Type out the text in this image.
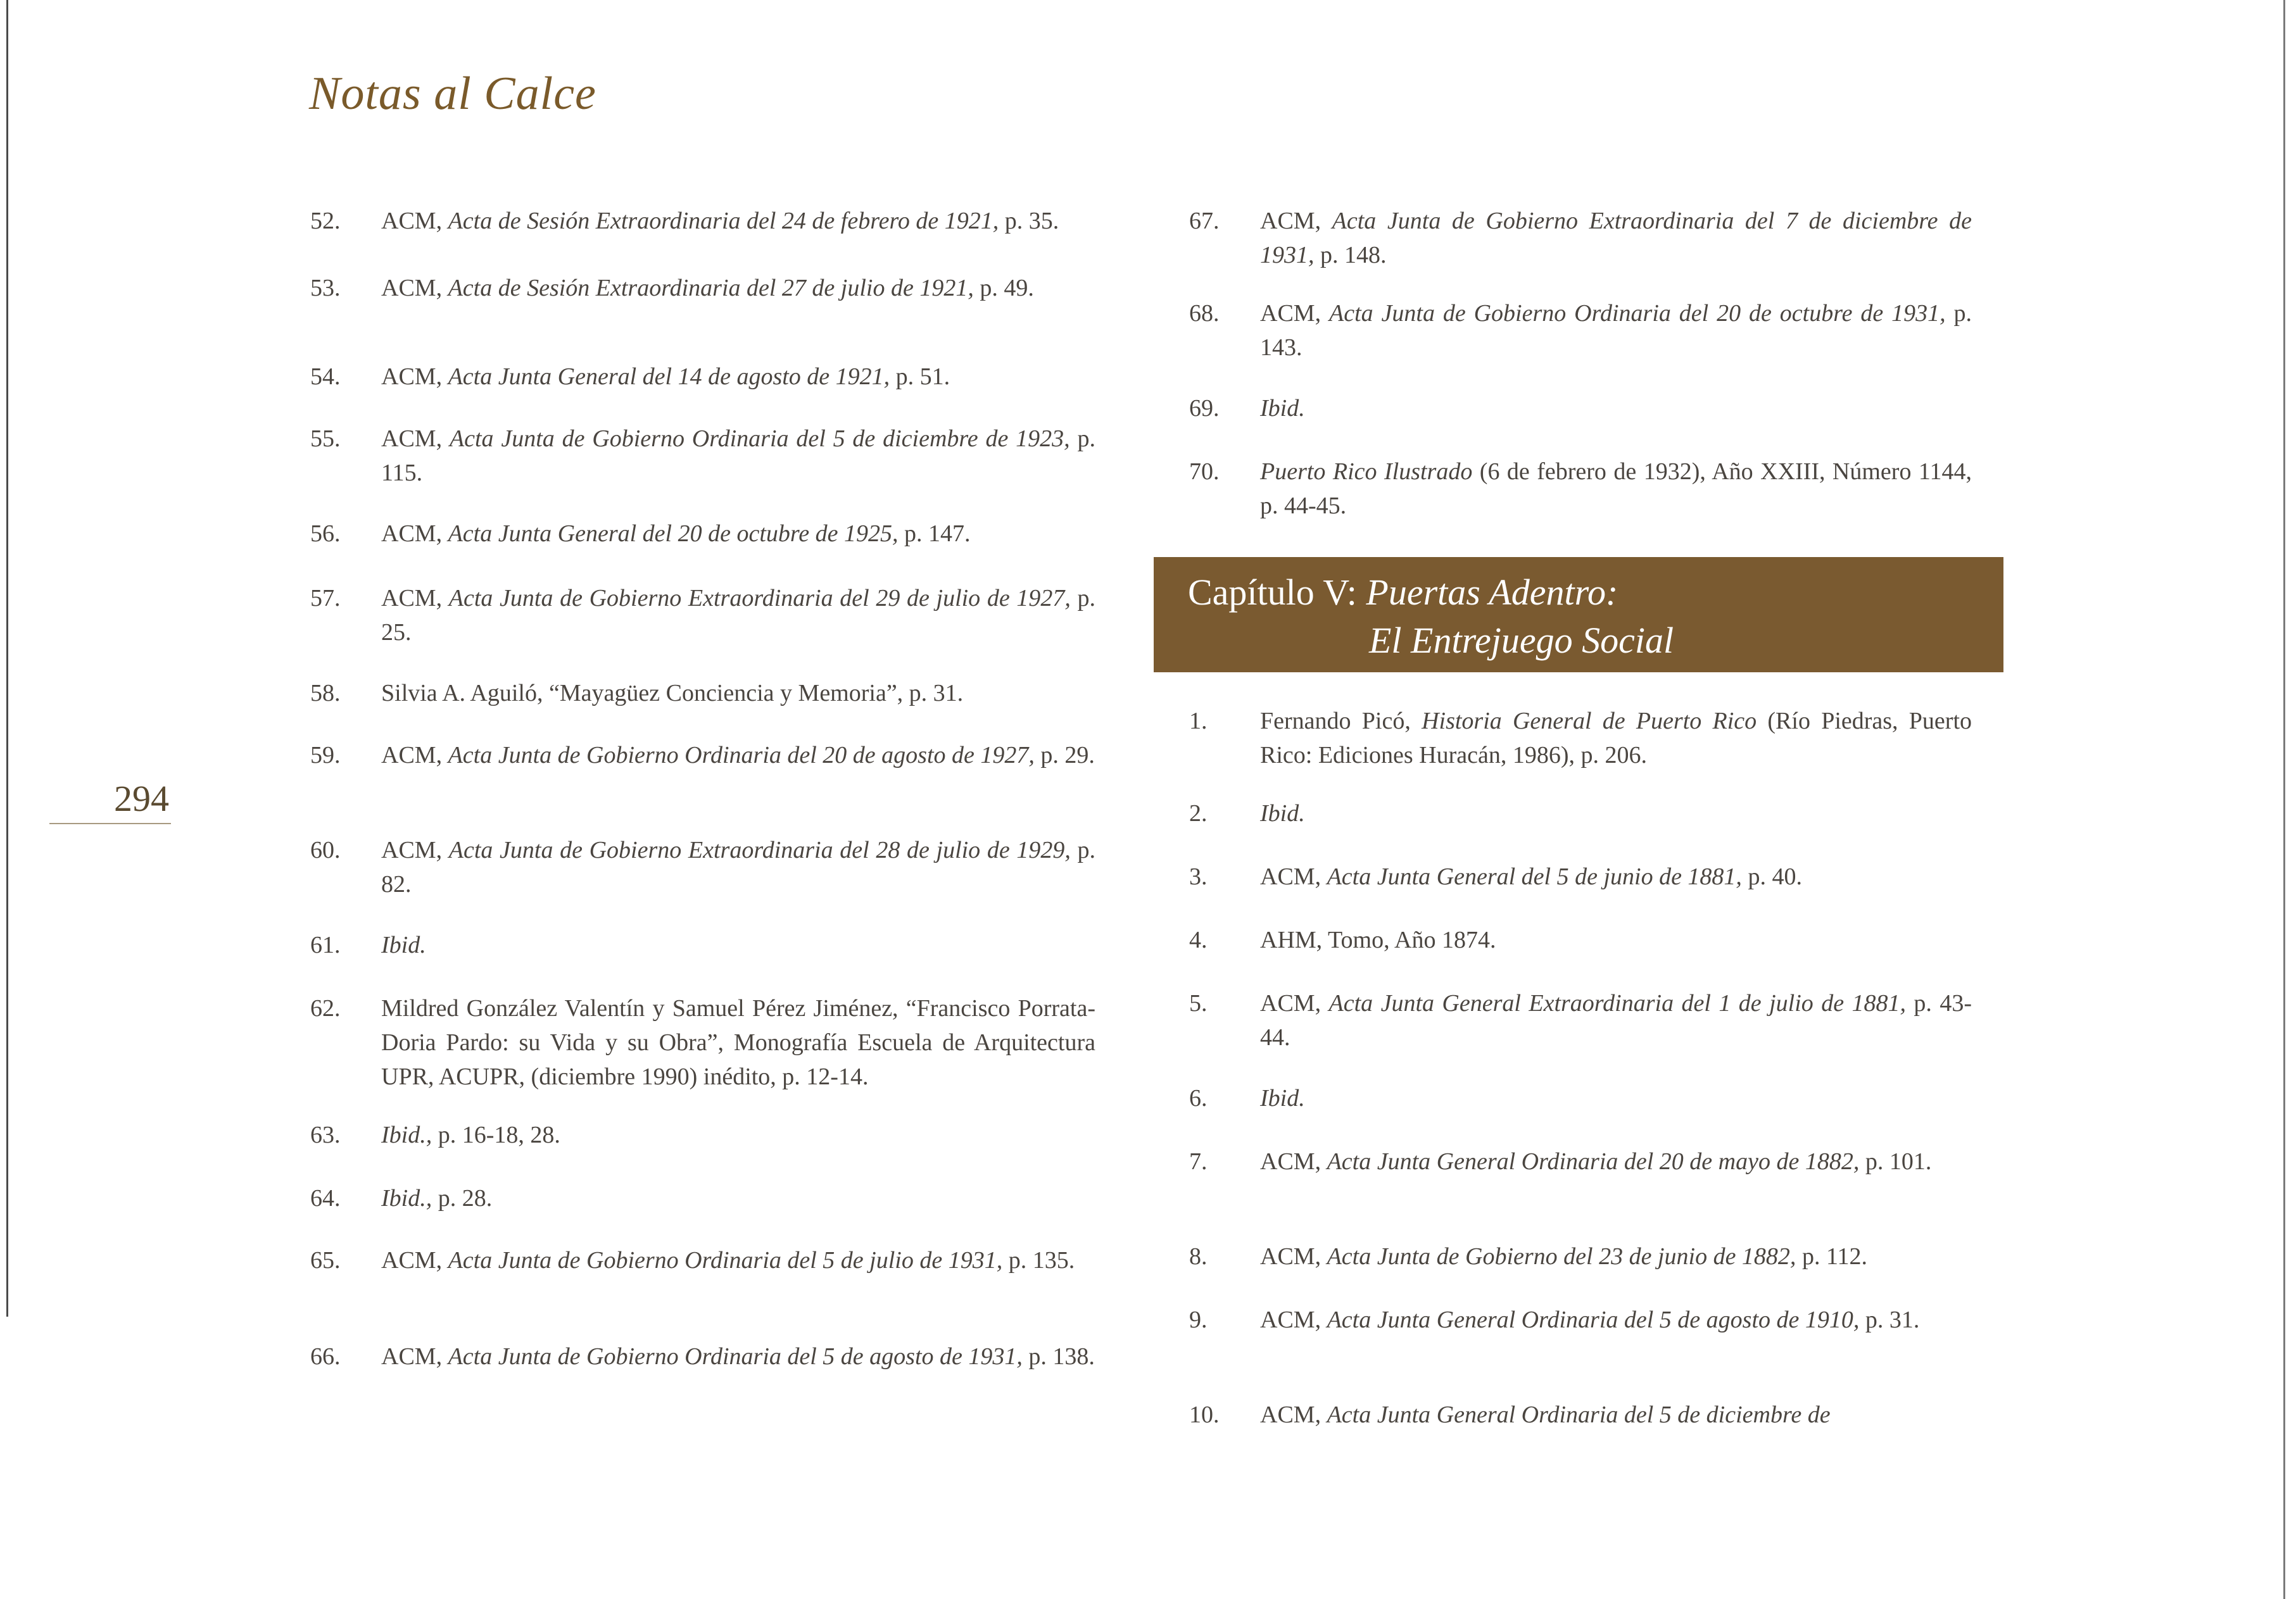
Notas al Calce
294
52.	ACM, Acta de Sesión Extraordinaria del 24 de febrero de 1921, p. 35.
53.	ACM, Acta de Sesión Extraordinaria del 27 de julio de 1921, p. 49.
54.	ACM, Acta Junta General del 14 de agosto de 1921, p. 51.
55.	ACM, Acta Junta de Gobierno Ordinaria del 5 de diciembre de 1923, p. 115.
56.	ACM, Acta Junta General del 20 de octubre de 1925, p. 147.
57.	ACM, Acta Junta de Gobierno Extraordinaria del 29 de julio de 1927, p. 25.
58.	Silvia A. Aguiló, “Mayagüez Conciencia y Memoria”, p. 31.
59.	ACM, Acta Junta de Gobierno Ordinaria del 20 de agosto de 1927, p. 29.
60.	ACM, Acta Junta de Gobierno Extraordinaria del 28 de julio de 1929, p. 82.
61.	Ibid.
62.	Mildred González Valentín y Samuel Pérez Jiménez, “Francisco Porrata-Doria Pardo: su Vida y su Obra”, Monografía Escuela de Arquitectura UPR, ACUPR, (diciembre 1990) inédito, p. 12-14.
63.	Ibid., p. 16-18, 28.
64.	Ibid., p. 28.
65.	ACM, Acta Junta de Gobierno Ordinaria del 5 de julio de 1931, p. 135.
66.	ACM, Acta Junta de Gobierno Ordinaria del 5 de agosto de 1931, p. 138.
67.	ACM, Acta Junta de Gobierno Extraordinaria del 7 de diciembre de 1931, p. 148.
68.	ACM, Acta Junta de Gobierno Ordinaria del 20 de octubre de 1931, p. 143.
69.	Ibid.
70.	Puerto Rico Ilustrado (6 de febrero de 1932), Año XXIII, Número 1144, p. 44-45.
Capítulo V: Puertas Adentro:
El Entrejuego Social
1.	Fernando Picó, Historia General de Puerto Rico (Río Piedras, Puerto Rico: Ediciones Huracán, 1986), p. 206.
2.	Ibid.
3.	ACM, Acta Junta General del 5 de junio de 1881, p. 40.
4.	AHM, Tomo, Año 1874.
5.	ACM, Acta Junta General Extraordinaria del 1 de julio de 1881, p. 43-44.
6.	Ibid.
7.	ACM, Acta Junta General Ordinaria del 20 de mayo de 1882, p. 101.
8.	ACM, Acta Junta de Gobierno del 23 de junio de 1882, p. 112.
9.	ACM, Acta Junta General Ordinaria del 5 de agosto de 1910, p. 31.
10.	ACM, Acta Junta General Ordinaria del 5 de diciembre de
